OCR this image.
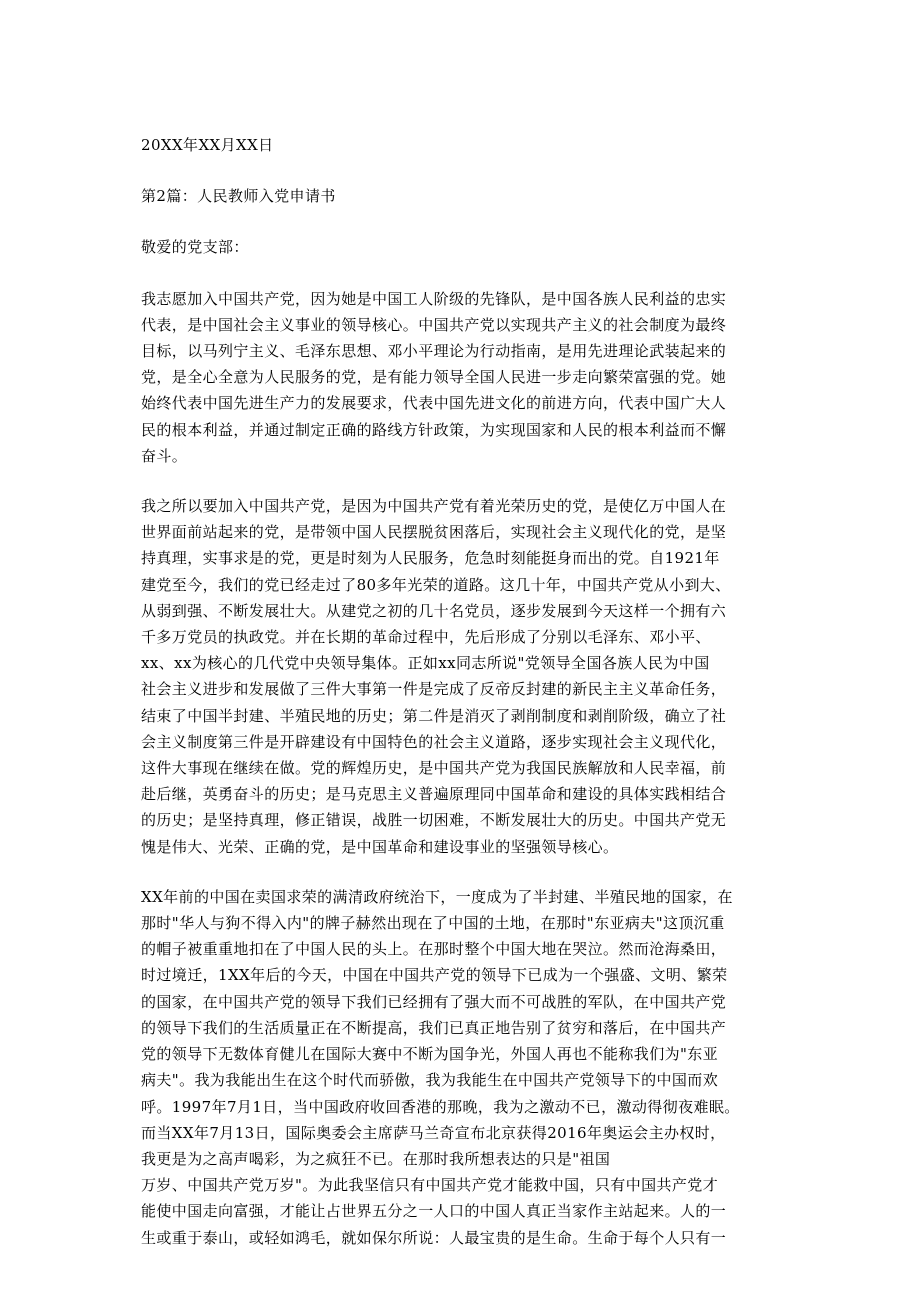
20XX年XX月XX日
第2篇：人民教师入党申请书
敬爱的党支部：
我志愿加入中国共产党，因为她是中国工人阶级的先锋队，是中国各族人民利益的忠实
代表，是中国社会主义事业的领导核心。中国共产党以实现共产主义的社会制度为最终
目标，以马列宁主义、毛泽东思想、邓小平理论为行动指南，是用先进理论武装起来的
党，是全心全意为人民服务的党，是有能力领导全国人民进一步走向繁荣富强的党。她
始终代表中国先进生产力的发展要求，代表中国先进文化的前进方向，代表中国广大人
民的根本利益，并通过制定正确的路线方针政策，为实现国家和人民的根本利益而不懈
奋斗。
我之所以要加入中国共产党，是因为中国共产党有着光荣历史的党，是使亿万中国人在
世界面前站起来的党，是带领中国人民摆脱贫困落后，实现社会主义现代化的党，是坚
持真理，实事求是的党，更是时刻为人民服务，危急时刻能挺身而出的党。自1921年
建党至今，我们的党已经走过了80多年光荣的道路。这几十年，中国共产党从小到大、
从弱到强、不断发展壮大。从建党之初的几十名党员，逐步发展到今天这样一个拥有六
千多万党员的执政党。并在长期的革命过程中，先后形成了分别以毛泽东、邓小平、
xx、xx为核心的几代党中央领导集体。正如xx同志所说"党领导全国各族人民为中国
社会主义进步和发展做了三件大事第一件是完成了反帝反封建的新民主主义革命任务，
结束了中国半封建、半殖民地的历史；第二件是消灭了剥削制度和剥削阶级，确立了社
会主义制度第三件是开辟建设有中国特色的社会主义道路，逐步实现社会主义现代化，
这件大事现在继续在做。党的辉煌历史，是中国共产党为我国民族解放和人民幸福，前
赴后继，英勇奋斗的历史；是马克思主义普遍原理同中国革命和建设的具体实践相结合
的历史；是坚持真理，修正错误，战胜一切困难，不断发展壮大的历史。中国共产党无
愧是伟大、光荣、正确的党，是中国革命和建设事业的坚强领导核心。
XX年前的中国在卖国求荣的满清政府统治下，一度成为了半封建、半殖民地的国家，在
那时"华人与狗不得入内"的牌子赫然出现在了中国的土地，在那时"东亚病夫"这顶沉重
的帽子被重重地扣在了中国人民的头上。在那时整个中国大地在哭泣。然而沧海桑田，
时过境迁，1XX年后的今天，中国在中国共产党的领导下已成为一个强盛、文明、繁荣
的国家，在中国共产党的领导下我们已经拥有了强大而不可战胜的军队，在中国共产党
的领导下我们的生活质量正在不断提高，我们已真正地告别了贫穷和落后，在中国共产
党的领导下无数体育健儿在国际大赛中不断为国争光，外国人再也不能称我们为"东亚
病夫"。我为我能出生在这个时代而骄傲，我为我能生在中国共产党领导下的中国而欢
呼。1997年7月1日，当中国政府收回香港的那晚，我为之激动不已，激动得彻夜难眠。
而当XX年7月13日，国际奥委会主席萨马兰奇宣布北京获得2016年奥运会主办权时，
我更是为之高声喝彩，为之疯狂不已。在那时我所想表达的只是"祖国
万岁、中国共产党万岁"。为此我坚信只有中国共产党才能救中国，只有中国共产党才
能使中国走向富强，才能让占世界五分之一人口的中国人真正当家作主站起来。人的一
生或重于泰山，或轻如鸿毛，就如保尔所说：人最宝贵的是生命。生命于每个人只有一
